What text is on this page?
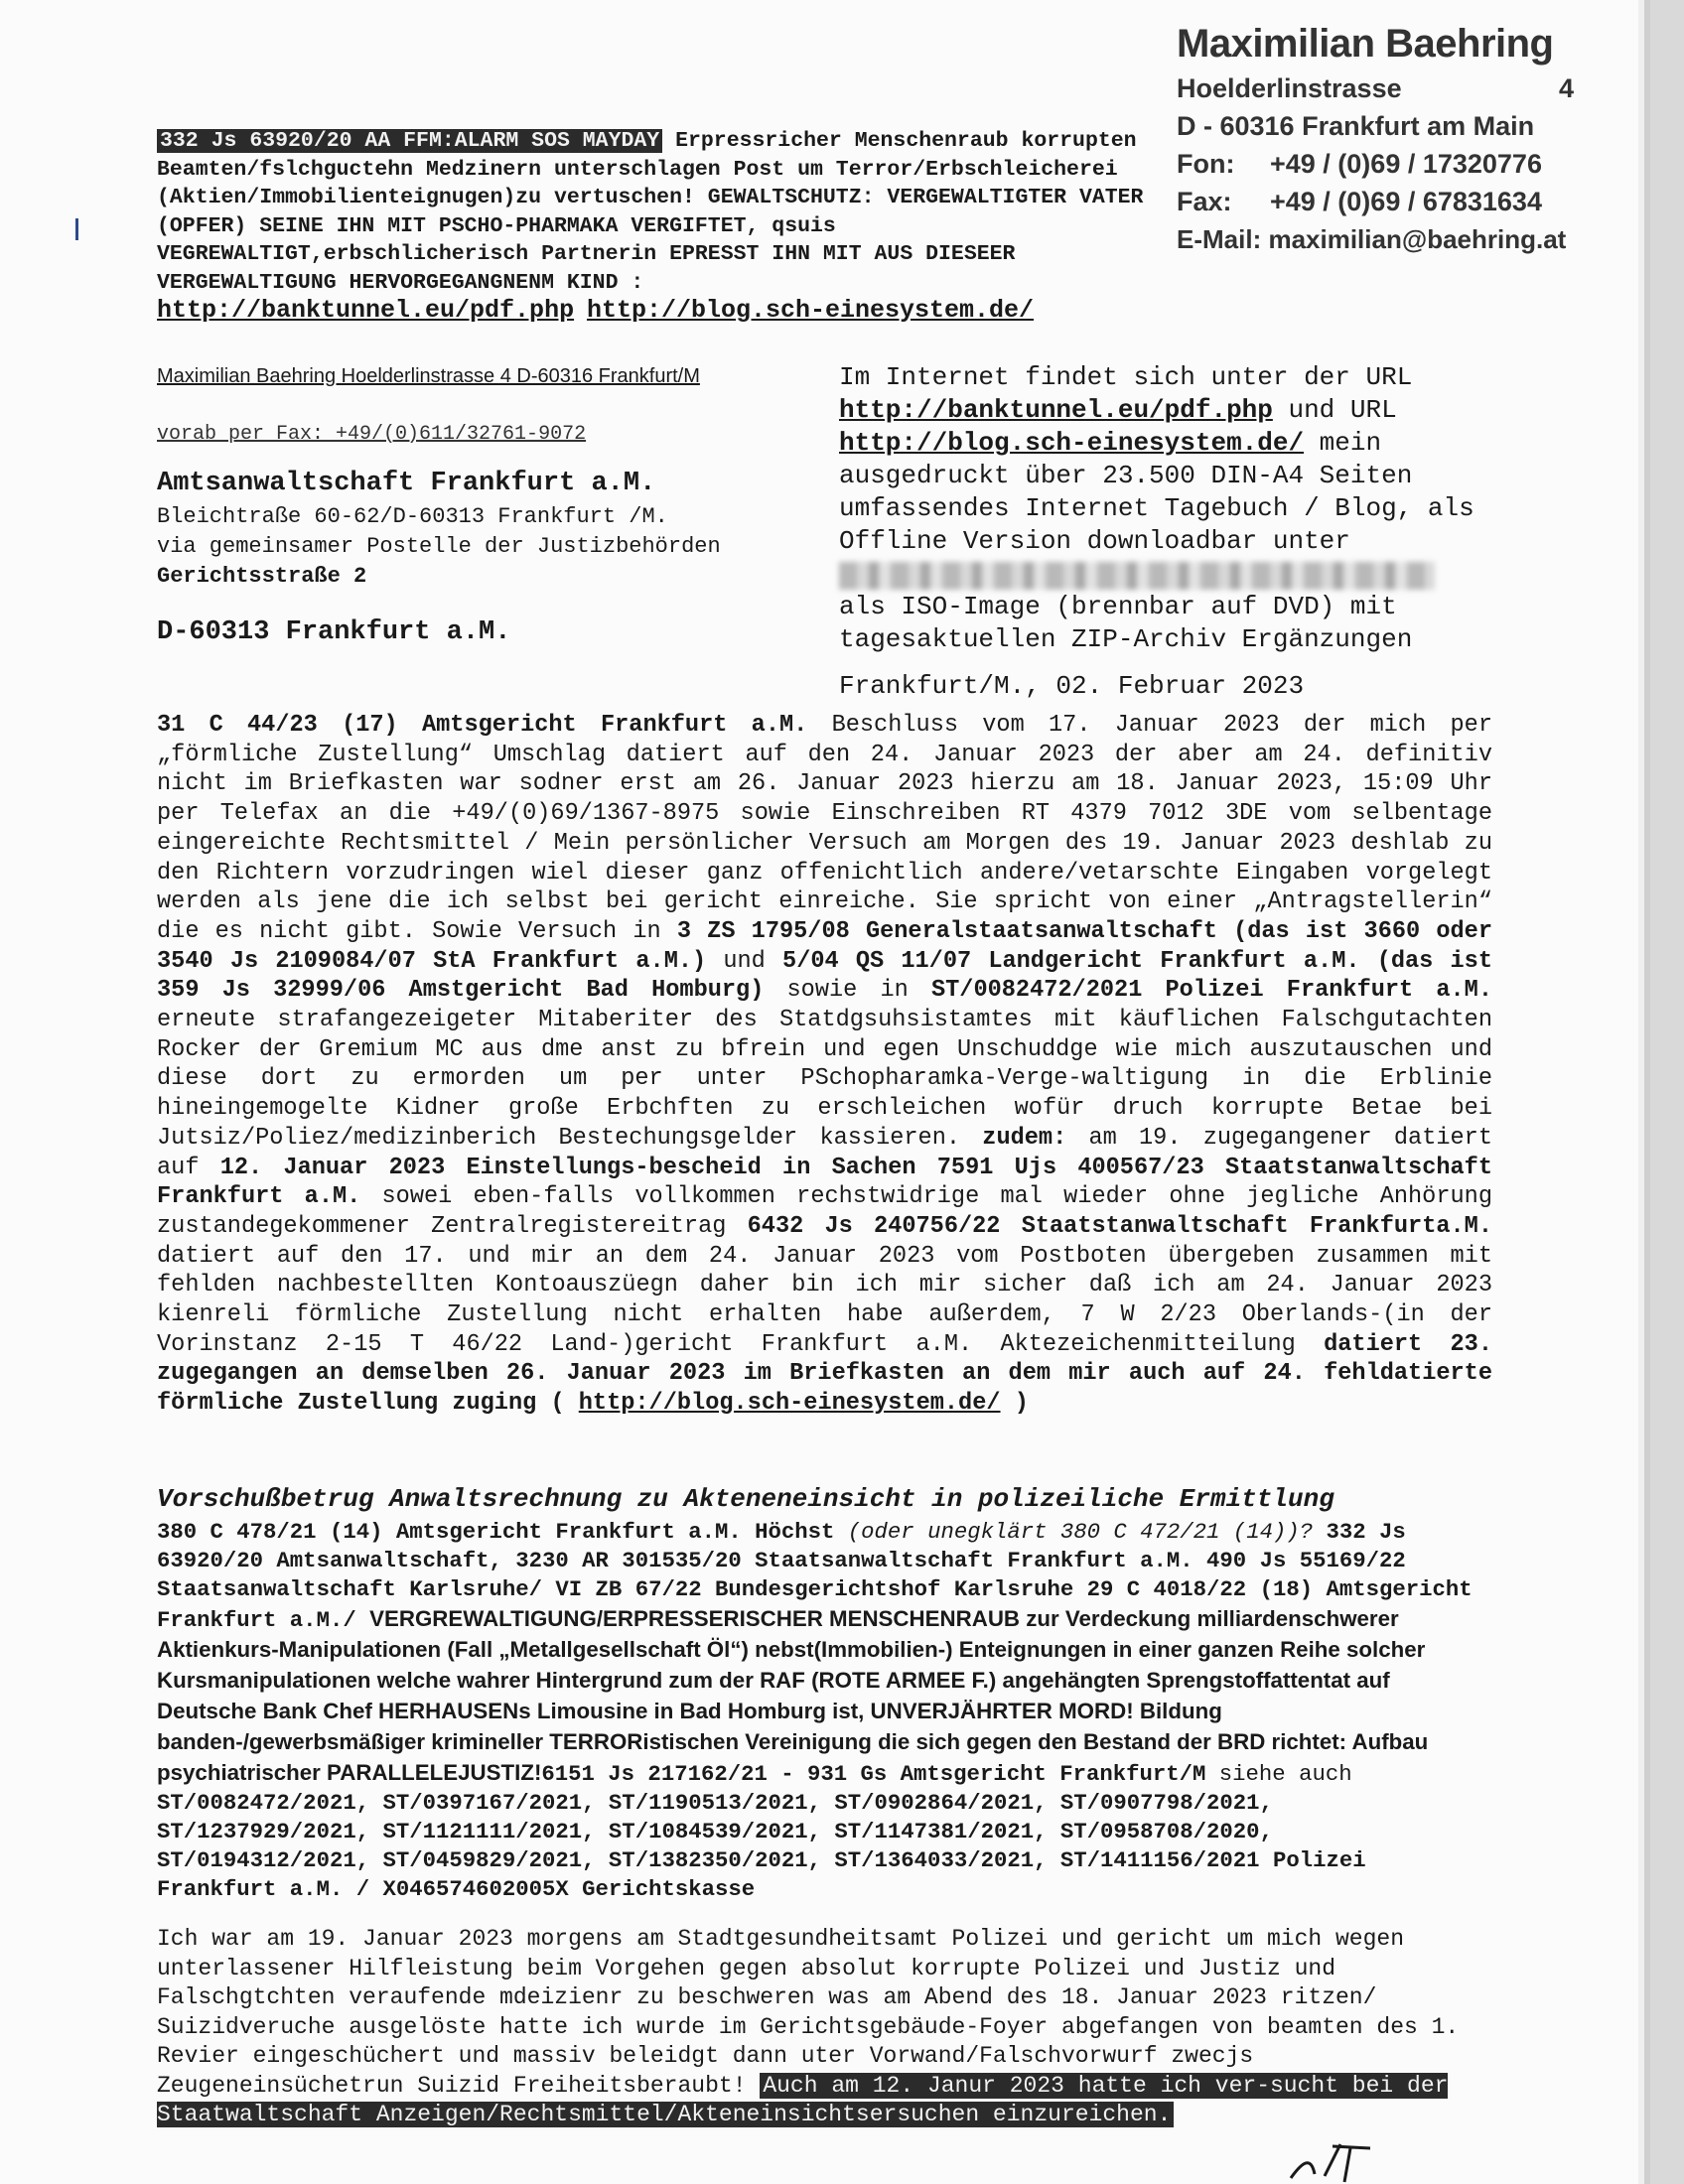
Maximilian Baehring
Hoelderlinstrasse	4
D - 60316 Frankfurt am Main
Fon:	+49 / (0)69 / 17320776
Fax:	+49 / (0)69 / 67831634
E-Mail: maximilian@baehring.at
332 Js 63920/20 AA FFM:ALARM SOS MAYDAY Erpressricher Menschenraub korrupten Beamten/fslchguctehn Medzinern unterschlagen Post um Terror/Erbschleicherei (Aktien/Immobilienteignugen)zu vertuschen! GEWALTSCHUTZ: VERGEWALTIGTER VATER (OPFER) SEINE IHN MIT PSCHO-PHARMAKA VERGIFTET, qsuis VEGREWALTIGT,erbschlicherisch Partnerin EPRESST IHN MIT AUS DIESEER VERGEWALTIGUNG HERVORGEGANGNENM KIND :
http://banktunnel.eu/pdf.php http://blog.sch-einesystem.de/
Maximilian Baehring Hoelderlinstrasse 4 D-60316 Frankfurt/M
vorab per Fax: +49/(0)611/32761-9072
Amtsanwaltschaft Frankfurt a.M.
Bleichtraße 60-62/D-60313 Frankfurt /M.
via gemeinsamer Postelle der Justizbehörden
Gerichtsstraße 2
D-60313 Frankfurt a.M.
Im Internet findet sich unter der URL
http://banktunnel.eu/pdf.php und URL
http://blog.sch-einesystem.de/ mein ausgedruckt über 23.500 DIN-A4 Seiten umfassendes Internet Tagebuch / Blog, als Offline Version downloadbar unter

als ISO-Image (brennbar auf DVD) mit tagesaktuellen ZIP-Archiv Ergänzungen
Frankfurt/M., 02. Februar 2023
31 C 44/23 (17) Amtsgericht Frankfurt a.M. Beschluss vom 17. Januar 2023 der mich per „förmliche Zustellung“ Umschlag datiert auf den 24. Januar 2023 der aber am 24. definitiv nicht im Briefkasten war sodner erst am 26. Januar 2023 hierzu am 18. Januar 2023, 15:09 Uhr per Telefax an die +49/(0)69/1367-8975 sowie Einschreiben RT 4379 7012 3DE vom selbentage eingereichte Rechtsmittel / Mein persönlicher Versuch am Morgen des 19. Januar 2023 deshlab zu den Richtern vorzudringen wiel dieser ganz offenichtlich andere/vetarschte Eingaben vorgelegt werden als jene die ich selbst bei gericht einreiche. Sie spricht von einer „Antragstellerin“ die es nicht gibt. Sowie Versuch in 3 ZS 1795/08 Generalstaatsanwaltschaft (das ist 3660 oder 3540 Js 2109084/07 StA Frankfurt a.M.) und 5/04 QS 11/07 Landgericht Frankfurt a.M. (das ist 359 Js 32999/06 Amstgericht Bad Homburg) sowie in ST/0082472/2021 Polizei Frankfurt a.M. erneute strafangezeigeter Mitaberiter des Statdgsuhsistamtes mit käuflichen Falschgutachten Rocker der Gremium MC aus dme anst zu bfrein und egen Unschuddge wie mich auszutauschen und diese dort zu ermorden um per unter PSchopharamka-Verge-waltigung in die Erblinie hineingemogelte Kidner große Erbchften zu erschleichen wofür druch korrupte Betae bei Jutsiz/Poliez/medizinberich Bestechungsgelder kassieren. zudem: am 19. zugegangener datiert auf 12. Januar 2023 Einstellungs-bescheid in Sachen 7591 Ujs 400567/23 Staatstanwaltschaft Frankfurt a.M. sowei eben-falls vollkommen rechstwidrige mal wieder ohne jegliche Anhörung zustandegekommener Zentralregistereitrag 6432 Js 240756/22 Staatstanwaltschaft Frankfurta.M. datiert auf den 17. und mir an dem 24. Januar 2023 vom Postboten übergeben zusammen mit fehlden nachbestellten Kontoauszüegn daher bin ich mir sicher daß ich am 24. Januar 2023 kienreli förmliche Zustellung nicht erhalten habe außerdem, 7 W 2/23 Oberlands-(in der Vorinstanz 2-15 T 46/22 Land-)gericht Frankfurt a.M. Aktezeichenmitteilung datiert 23. zugegangen an demselben 26. Januar 2023 im Briefkasten an dem mir auch auf 24. fehldatierte förmliche Zustellung zuging ( http://blog.sch-einesystem.de/ )
Vorschußbetrug Anwaltsrechnung zu Akteneneinsicht in polizeiliche Ermittlung
380 C 478/21 (14) Amtsgericht Frankfurt a.M. Höchst (oder unegklärt 380 C 472/21 (14))? 332 Js 63920/20 Amtsanwaltschaft, 3230 AR 301535/20 Staatsanwaltschaft Frankfurt a.M. 490 Js 55169/22 Staatsanwaltschaft Karlsruhe/ VI ZB 67/22 Bundesgerichtshof Karlsruhe 29 C 4018/22 (18) Amtsgericht Frankfurt a.M./ VERGREWALTIGUNG/ERPRESSERISCHER MENSCHENRAUB zur Verdeckung milliardenschwerer Aktienkurs-Manipulationen (Fall „Metallgesellschaft Öl“) nebst(Immobilien-) Enteignungen in einer ganzen Reihe solcher Kursmanipulationen welche wahrer Hintergrund zum der RAF (ROTE ARMEE F.) angehängten Sprengstoffattentat auf Deutsche Bank Chef HERHAUSENs Limousine in Bad Homburg ist, UNVERJÄHRTER MORD! Bildung banden-/gewerbsmäßiger krimineller TERRORistischen Vereinigung die sich gegen den Bestand der BRD richtet: Aufbau psychiatrischer PARALLELEJUSTIZ!6151 Js 217162/21 - 931 Gs Amtsgericht Frankfurt/M siehe auch ST/0082472/2021, ST/0397167/2021, ST/1190513/2021, ST/0902864/2021, ST/0907798/2021, ST/1237929/2021, ST/1121111/2021, ST/1084539/2021, ST/1147381/2021, ST/0958708/2020, ST/0194312/2021, ST/0459829/2021, ST/1382350/2021, ST/1364033/2021, ST/1411156/2021 Polizei Frankfurt a.M. / X046574602005X Gerichtskasse
Ich war am 19. Januar 2023 morgens am Stadtgesundheitsamt Polizei und gericht um mich wegen unterlassener Hilfleistung beim Vorgehen gegen absolut korrupte Polizei und Justiz und Falschgtchten veraufende mdeizienr zu beschweren was am Abend des 18. Januar 2023 ritzen/ Suizidveruche ausgelöste hatte ich wurde im Gerichtsgebäude-Foyer abgefangen von beamten des 1. Revier eingeschüchert und massiv beleidgt dann uter Vorwand/Falschvorwurf zwecjs Zeugeneinsüchetrun Suizid Freiheitsberaubt! Auch am 12. Janur 2023 hatte ich ver-sucht bei der Staatwaltschaft Anzeigen/Rechtsmittel/Akteneinsichtsersuchen einzureichen.
